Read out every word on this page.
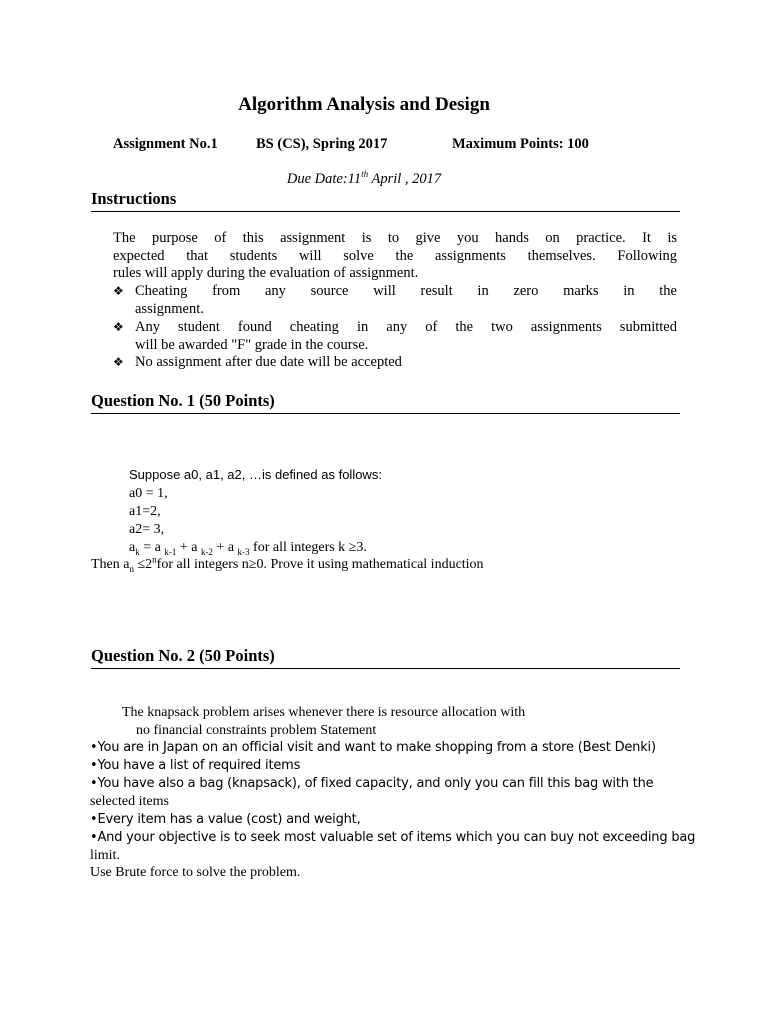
Algorithm Analysis and Design
Assignment No.1	BS (CS), Spring 2017	Maximum Points: 100
Due Date:11th April , 2017
Instructions
The purpose of this assignment is to give you hands on practice. It is
expected that students will solve the assignments themselves. Following
rules will apply during the evaluation of assignment.
❖ Cheating from any source will result in zero marks in the
assignment.
❖ Any student found cheating in any of the two assignments submitted
will be awarded "F" grade in the course.
❖ No assignment after due date will be accepted
Question No. 1 (50 Points)
Suppose a0, a1, a2, …is defined as follows:
a0 = 1,
a1=2,
a2= 3,
$a_k = a$ $_{k-1}$ + a $_{k-2}$ + a $_{k-3}$ for all integers k ≥3.
Then $a_n \le 2^nfor$ all integers n≥0. Prove it using mathematical induction
Question No. 2 (50 Points)
The knapsack problem arises whenever there is resource allocation with
no financial constraints problem Statement
•You are in Japan on an official visit and want to make shopping from a store (Best Denki)
•You have a list of required items
•You have also a bag (knapsack), of fixed capacity, and only you can fill this bag with the
selected items
•Every item has a value (cost) and weight,
•And your objective is to seek most valuable set of items which you can buy not exceeding bag
limit.
Use Brute force to solve the problem.
